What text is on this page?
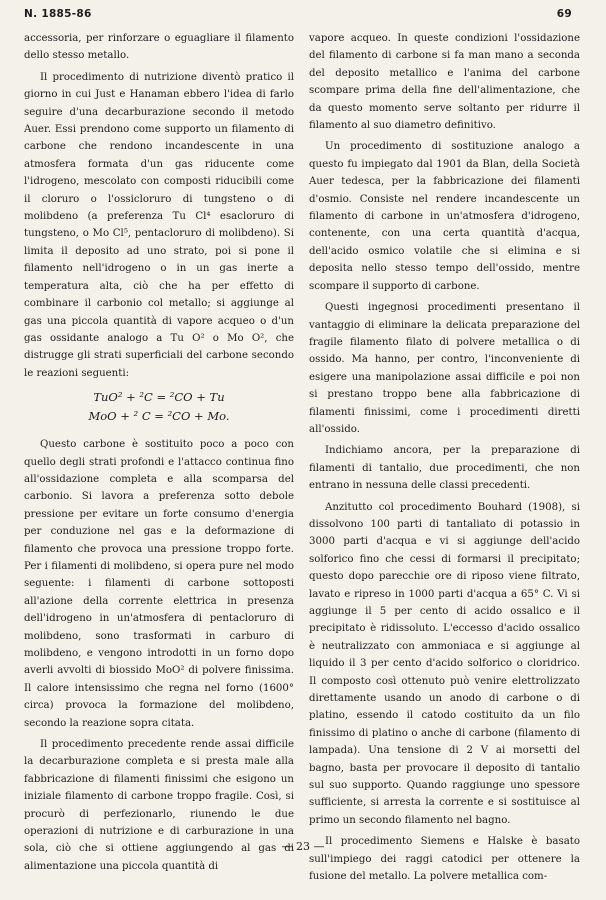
N. 1885-86	69

accessoria, per rinforzare o eguagliare il filamento dello stesso metallo.

Il procedimento di nutrizione diventò pratico il giorno in cui Just e Hanaman ebbero l'idea di farlo seguire d'una decarburazione secondo il metodo Auer. Essi prendono come supporto un filamento di carbone che rendono incandescente in una atmosfera formata d'un gas riducente come l'idrogeno, mescolato con composti riducibili come il cloruro o l'ossicloruro di tungsteno o di molibdeno (a preferenza Tu Cl⁴ esacloruro di tungsteno, o Mo Cl⁵, pentacloruro di molibdeno). Si limita il deposito ad uno strato, poi si pone il filamento nell'idrogeno o in un gas inerte a temperatura alta, ciò che ha per effetto di combinare il carbonio col metallo; si aggiunge al gas una piccola quantità di vapore acqueo o d'un gas ossidante analogo a Tu O² o Mo O², che distrugge gli strati superficiali del carbone secondo le reazioni seguenti:

TuO² + ²C = ²CO + Tu
MoO + ² C = ²CO + Mo.

Questo carbone è sostituito poco a poco con quello degli strati profondi e l'attacco continua fino all'ossidazione completa e alla scomparsa del carbonio. Si lavora a preferenza sotto debole pressione per evitare un forte consumo d'energia per conduzione nel gas e la deformazione di filamento che provoca una pressione troppo forte. Per i filamenti di molibdeno, si opera pure nel modo seguente: i filamenti di carbone sottoposti all'azione della corrente elettrica in presenza dell'idrogeno in un'atmosfera di pentacloruro di molibdeno, sono trasformati in carburo di molibdeno, e vengono introdotti in un forno dopo averli avvolti di biossido MoO² di polvere finissima. Il calore intensissimo che regna nel forno (1600° circa) provoca la formazione del molibdeno, secondo la reazione sopra citata.

Il procedimento precedente rende assai difficile la decarburazione completa e si presta male alla fabbricazione di filamenti finissimi che esigono un iniziale filamento di carbone troppo fragile. Così, si procurò di perfezionarlo, riunendo le due operazioni di nutrizione e di carburazione in una sola, ciò che si ottiene aggiungendo al gas di alimentazione una piccola quantità di

vapore acqueo. In queste condizioni l'ossidazione del filamento di carbone si fa man mano a seconda del deposito metallico e l'anima del carbone scompare prima della fine dell'alimentazione, che da questo momento serve soltanto per ridurre il filamento al suo diametro definitivo.

Un procedimento di sostituzione analogo a questo fu impiegato dal 1901 da Blan, della Società Auer tedesca, per la fabbricazione dei filamenti d'osmio. Consiste nel rendere incandescente un filamento di carbone in un'atmosfera d'idrogeno, contenente, con una certa quantità d'acqua, dell'acido osmico volatile che si elimina e si deposita nello stesso tempo dell'ossido, mentre scompare il supporto di carbone.

Questi ingegnosi procedimenti presentano il vantaggio di eliminare la delicata preparazione del fragile filamento filato di polvere metallica o di ossido. Ma hanno, per contro, l'inconveniente di esigere una manipolazione assai difficile e poi non si prestano troppo bene alla fabbricazione di filamenti finissimi, come i procedimenti diretti all'ossido.

Indichiamo ancora, per la preparazione di filamenti di tantalio, due procedimenti, che non entrano in nessuna delle classi precedenti.

Anzitutto col procedimento Bouhard (1908), si dissolvono 100 parti di tantaliato di potassio in 3000 parti d'acqua e vi si aggiunge dell'acido solforico fino che cessi di formarsi il precipitato; questo dopo parecchie ore di riposo viene filtrato, lavato e ripreso in 1000 parti d'acqua a 65° C. Vi si aggiunge il 5 per cento di acido ossalico e il precipitato è ridissoluto. L'eccesso d'acido ossalico è neutralizzato con ammoniaca e si aggiunge al liquido il 3 per cento d'acido solforico o cloridrico. Il composto così ottenuto può venire elettrolizzato direttamente usando un anodo di carbone o di platino, essendo il catodo costituito da un filo finissimo di platino o anche di carbone (filamento di lampada). Una tensione di 2 V ai morsetti del bagno, basta per provocare il deposito di tantalio sul suo supporto. Quando raggiunge uno spessore sufficiente, si arresta la corrente e si sostituisce al primo un secondo filamento nel bagno.

Il procedimento Siemens e Halske è basato sull'impiego dei raggi catodici per ottenere la fusione del metallo. La polvere metallica com-

— 23 —
